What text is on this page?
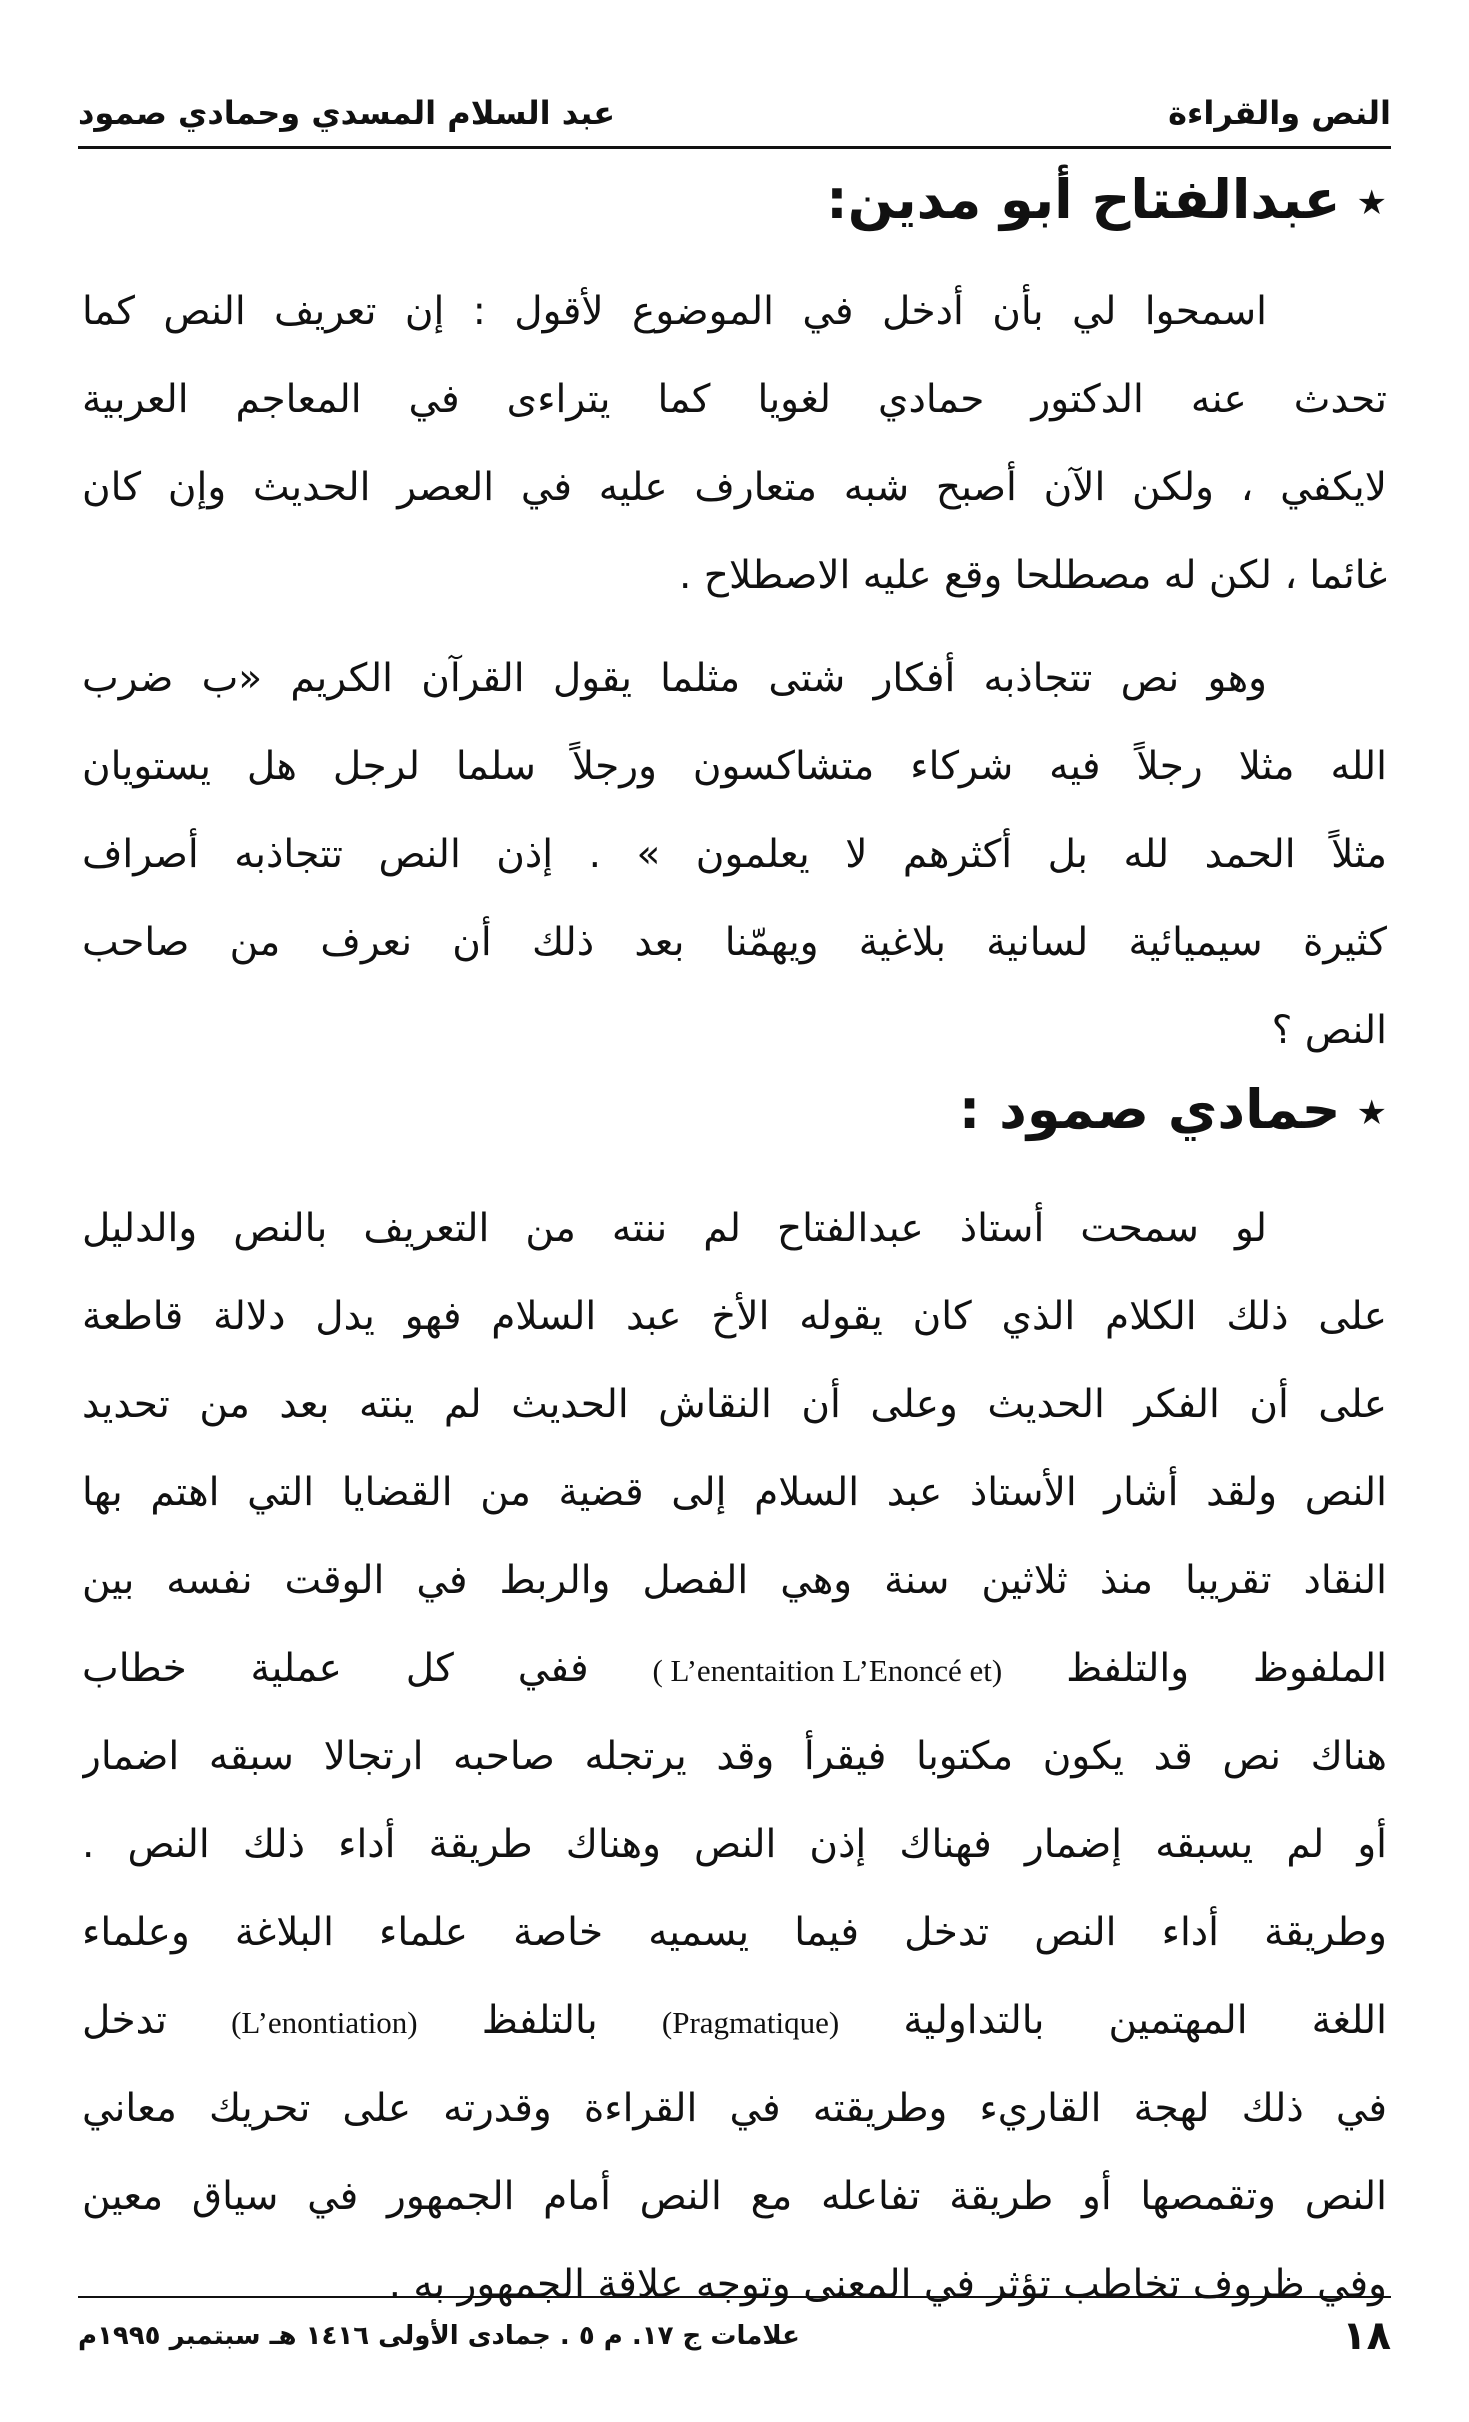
النص والقراءة
عبد السلام المسدي وحمادي صمود
★عبدالفتاح أبو مدين:
اسمحوا لي بأن أدخل في الموضوع لأقول : إن تعريف النص كما
تحدث عنه الدكتور حمادي لغويا كما يتراءى في المعاجم العربية
لايكفي ، ولكن الآن أصبح شبه متعارف عليه في العصر الحديث وإن كان
غائما ، لكن له مصطلحا وقع عليه الاصطلاح .
وهو نص تتجاذبه أفكار شتى مثلما يقول القرآن الكريم «ب ضرب
الله مثلا رجلاً فيه شركاء متشاكسون ورجلاً سلما لرجل هل يستويان
مثلاً الحمد لله بل أكثرهم لا يعلمون » . إذن النص تتجاذبه أصراف
كثيرة سيميائية لسانية بلاغية ويهمّنا بعد ذلك أن نعرف من صاحب
النص ؟
★حمادي صمود :
لو سمحت أستاذ عبدالفتاح لم ننته من التعريف بالنص والدليل
على ذلك الكلام الذي كان يقوله الأخ عبد السلام فهو يدل دلالة قاطعة
على أن الفكر الحديث وعلى أن النقاش الحديث لم ينته بعد من تحديد
النص ولقد أشار الأستاذ عبد السلام إلى قضية من القضايا التي اهتم بها
النقاد تقريبا منذ ثلاثين سنة وهي الفصل والربط في الوقت نفسه بين
الملفوظ والتلفظ ( L’enentaition L’Enoncé et) ففي كل عملية خطاب
هناك نص قد يكون مكتوبا فيقرأ وقد يرتجله صاحبه ارتجالا سبقه اضمار
أو لم يسبقه إضمار فهناك إذن النص وهناك طريقة أداء ذلك النص .
وطريقة أداء النص تدخل فيما يسميه خاصة علماء البلاغة وعلماء
اللغة المهتمين بالتداولية (Pragmatique) بالتلفظ (L’enontiation) تدخل
في ذلك لهجة القاريء وطريقته في القراءة وقدرته على تحريك معاني
النص وتقمصها أو طريقة تفاعله مع النص أمام الجمهور في سياق معين
وفي ظروف تخاطب تؤثر في المعنى وتوجه علاقة الجمهور به .
١٨
علامات ج ١٧. م ٥ . جمادى الأولى ١٤١٦ هـ سبتمبر ١٩٩٥م
